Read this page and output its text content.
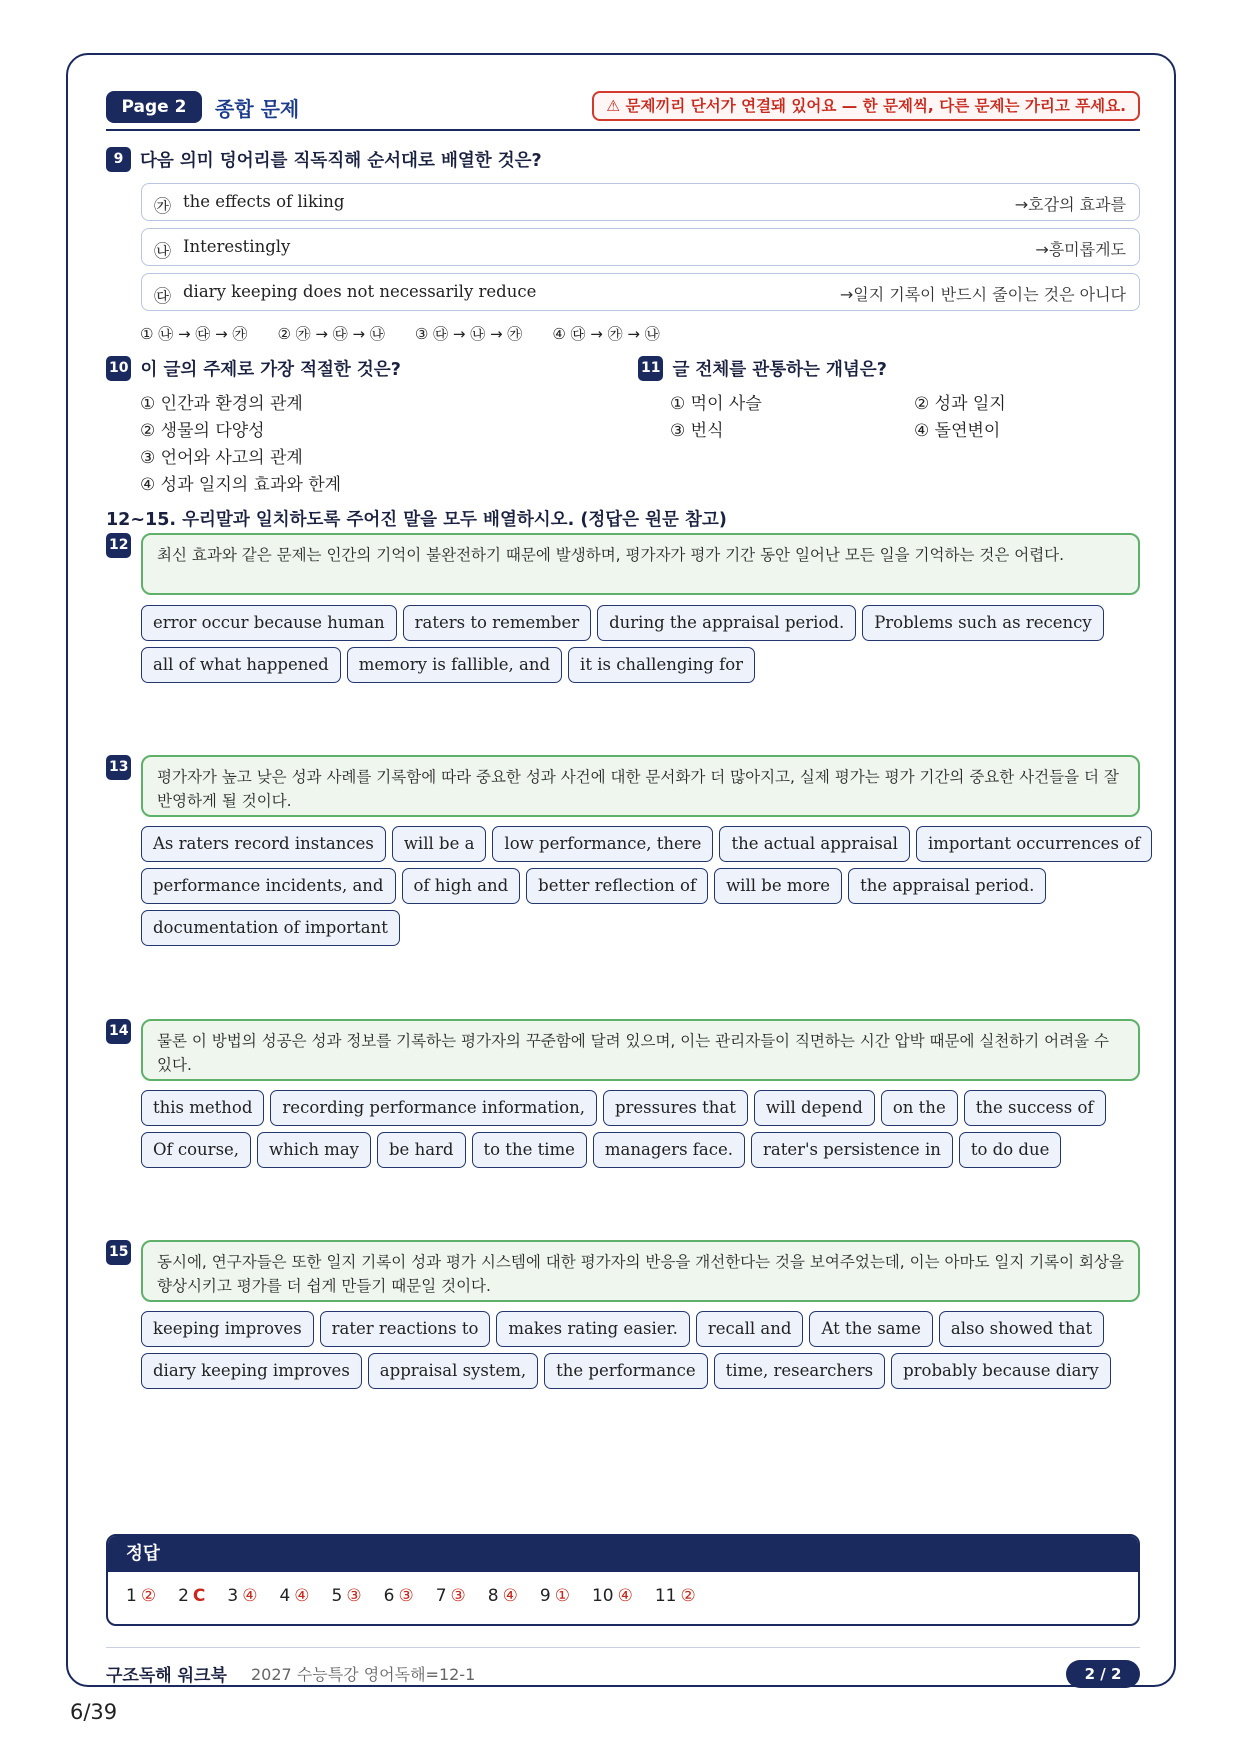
Page 2	종합 문제	⚠ 문제끼리 단서가 연결돼 있어요 — 한 문제씩, 다른 문제는 가리고 푸세요.
9 다음 의미 덩어리를 직독직해 순서대로 배열한 것은?
㉮ the effects of liking	→호감의 효과를
㉯ Interestingly	→흥미롭게도
㉰ diary keeping does not necessarily reduce	→일지 기록이 반드시 줄이는 것은 아니다
① ㉯ → ㉰ → ㉮ ② ㉮ → ㉰ → ㉯ ③ ㉰ → ㉯ → ㉮ ④ ㉰ → ㉮ → ㉯
10 이 글의 주제로 가장 적절한 것은?
① 인간과 환경의 관계
② 생물의 다양성
③ 언어와 사고의 관계
④ 성과 일지의 효과와 한계
11 글 전체를 관통하는 개념은?
① 먹이 사슬	② 성과 일지
③ 번식	④ 돌연변이
12~15. 우리말과 일치하도록 주어진 말을 모두 배열하시오. (정답은 원문 참고)
12
최신 효과와 같은 문제는 인간의 기억이 불완전하기 때문에 발생하며, 평가자가 평가 기간 동안 일어난 모든 일을 기억하는 것은 어렵다.
error occur because human	raters to remember	during the appraisal period.	Problems such as recency
all of what happened	memory is fallible, and	it is challenging for
13
평가자가 높고 낮은 성과 사례를 기록함에 따라 중요한 성과 사건에 대한 문서화가 더 많아지고, 실제 평가는 평가 기간의 중요한 사건들을 더 잘 반영하게 될 것이다.
As raters record instances	will be a	low performance, there	the actual appraisal	important occurrences of
performance incidents, and	of high and	better reflection of	will be more	the appraisal period.
documentation of important
14
물론 이 방법의 성공은 성과 정보를 기록하는 평가자의 꾸준함에 달려 있으며, 이는 관리자들이 직면하는 시간 압박 때문에 실천하기 어려울 수 있다.
this method	recording performance information,	pressures that	will depend	on the	the success of
Of course,	which may	be hard	to the time	managers face.	rater's persistence in	to do due
15
동시에, 연구자들은 또한 일지 기록이 성과 평가 시스템에 대한 평가자의 반응을 개선한다는 것을 보여주었는데, 이는 아마도 일지 기록이 회상을 향상시키고 평가를 더 쉽게 만들기 때문일 것이다.
keeping improves	rater reactions to	makes rating easier.	recall and	At the same	also showed that
diary keeping improves	appraisal system,	the performance	time, researchers	probably because diary
정답
1 ② 2 C 3 ④ 4 ④ 5 ③ 6 ③ 7 ③ 8 ④ 9 ① 10 ④ 11 ②
구조독해 워크북 2027 수능특강 영어독해=12-1	2 / 2
6/39
